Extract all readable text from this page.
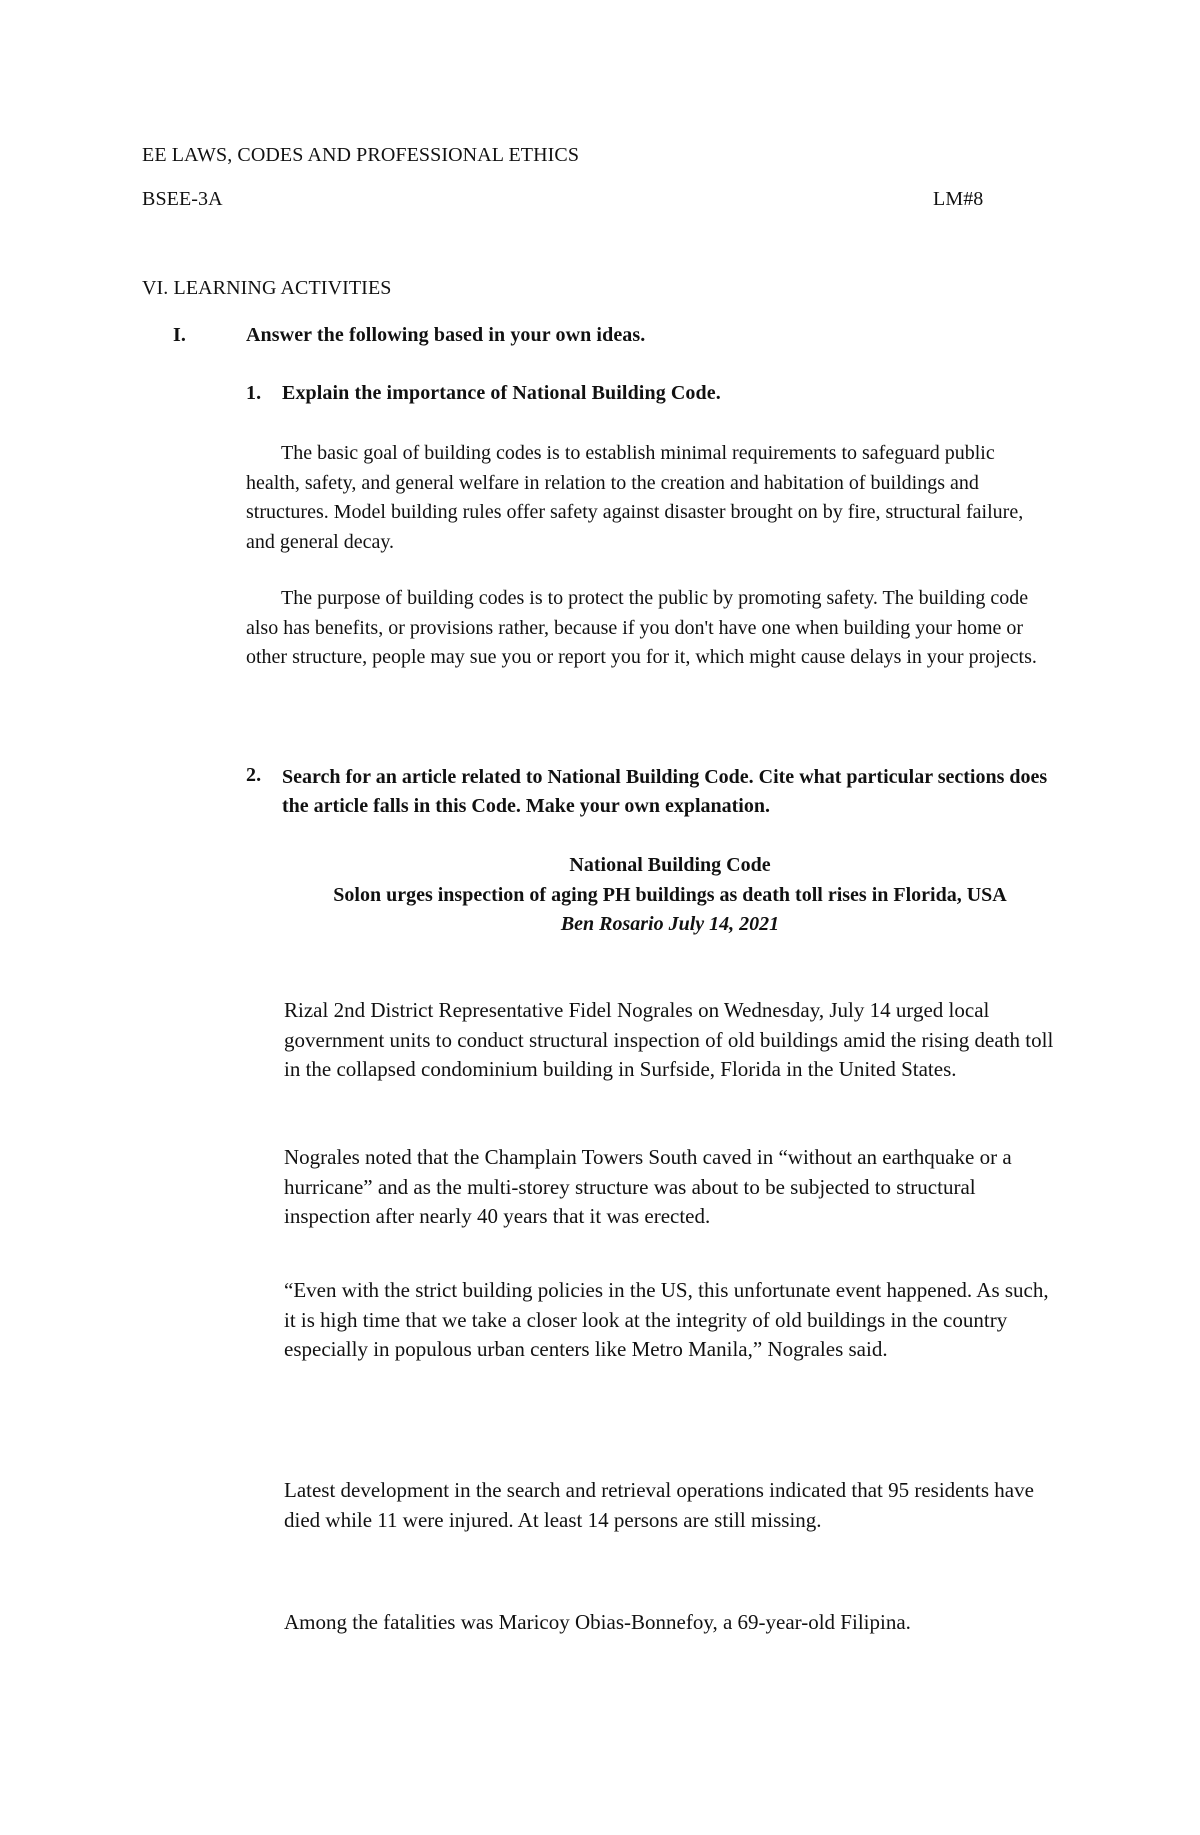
EE LAWS, CODES AND PROFESSIONAL ETHICS

BSEE-3A	LM#8

VI. LEARNING ACTIVITIES

I.	Answer the following based in your own ideas.

1. Explain the importance of National Building Code.

The basic goal of building codes is to establish minimal requirements to safeguard public health, safety, and general welfare in relation to the creation and habitation of buildings and structures. Model building rules offer safety against disaster brought on by fire, structural failure, and general decay.

The purpose of building codes is to protect the public by promoting safety. The building code also has benefits, or provisions rather, because if you don't have one when building your home or other structure, people may sue you or report you for it, which might cause delays in your projects.

2. Search for an article related to National Building Code. Cite what particular sections does the article falls in this Code. Make your own explanation.

National Building Code

Solon urges inspection of aging PH buildings as death toll rises in Florida, USA

Ben Rosario July 14, 2021

Rizal 2nd District Representative Fidel Nograles on Wednesday, July 14 urged local government units to conduct structural inspection of old buildings amid the rising death toll in the collapsed condominium building in Surfside, Florida in the United States.

Nograles noted that the Champlain Towers South caved in “without an earthquake or a hurricane” and as the multi-storey structure was about to be subjected to structural inspection after nearly 40 years that it was erected.

“Even with the strict building policies in the US, this unfortunate event happened. As such, it is high time that we take a closer look at the integrity of old buildings in the country especially in populous urban centers like Metro Manila,” Nograles said.

Latest development in the search and retrieval operations indicated that 95 residents have died while 11 were injured. At least 14 persons are still missing.

Among the fatalities was Maricoy Obias-Bonnefoy, a 69-year-old Filipina.
